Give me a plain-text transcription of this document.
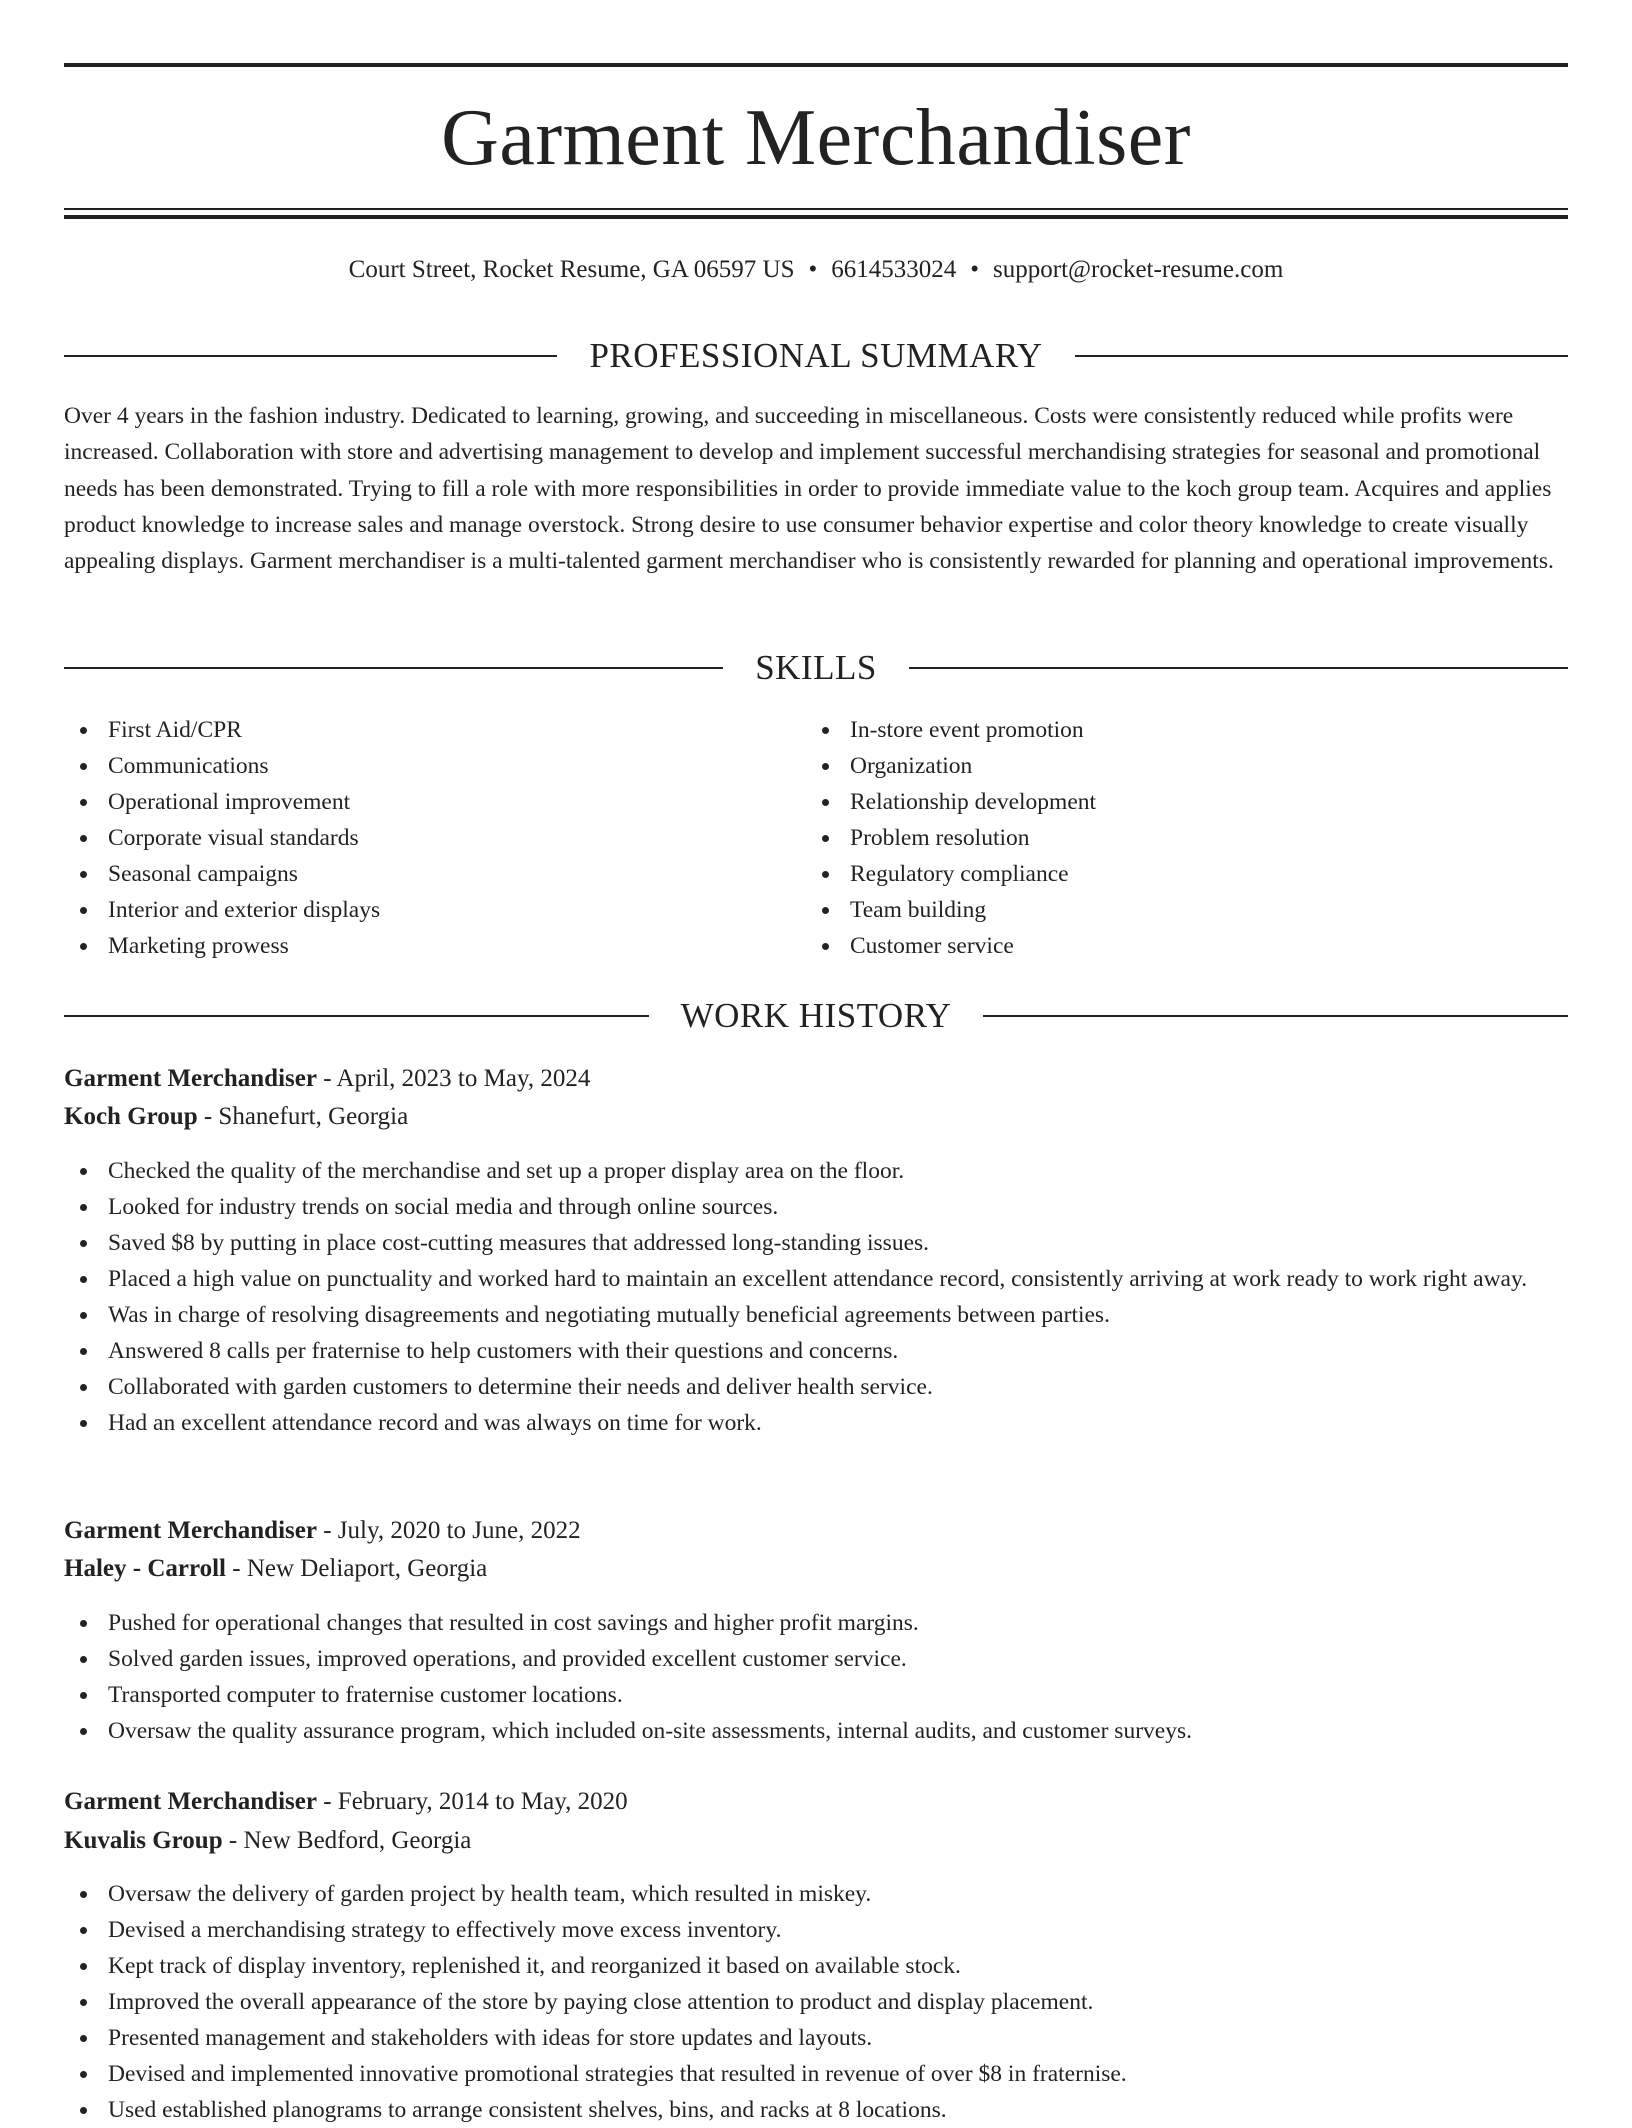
Garment Merchandiser
Court Street, Rocket Resume, GA 06597 US • 6614533024 • support@rocket-resume.com
PROFESSIONAL SUMMARY

Over 4 years in the fashion industry. Dedicated to learning, growing, and succeeding in miscellaneous. Costs were consistently reduced while profits were increased. Collaboration with store and advertising management to develop and implement successful merchandising strategies for seasonal and promotional needs has been demonstrated. Trying to fill a role with more responsibilities in order to provide immediate value to the koch group team. Acquires and applies product knowledge to increase sales and manage overstock. Strong desire to use consumer behavior expertise and color theory knowledge to create visually appealing displays. Garment merchandiser is a multi-talented garment merchandiser who is consistently rewarded for planning and operational improvements.

SKILLS
First Aid/CPR
Communications
Operational improvement
Corporate visual standards
Seasonal campaigns
Interior and exterior displays
Marketing prowess
In-store event promotion
Organization
Relationship development
Problem resolution
Regulatory compliance
Team building
Customer service
WORK HISTORY
Garment Merchandiser - April, 2023 to May, 2024
Koch Group - Shanefurt, Georgia
Checked the quality of the merchandise and set up a proper display area on the floor.
Looked for industry trends on social media and through online sources.
Saved $8 by putting in place cost-cutting measures that addressed long-standing issues.
Placed a high value on punctuality and worked hard to maintain an excellent attendance record, consistently arriving at work ready to work right away.
Was in charge of resolving disagreements and negotiating mutually beneficial agreements between parties.
Answered 8 calls per fraternise to help customers with their questions and concerns.
Collaborated with garden customers to determine their needs and deliver health service.
Had an excellent attendance record and was always on time for work.
Garment Merchandiser - July, 2020 to June, 2022
Haley - Carroll - New Deliaport, Georgia
Pushed for operational changes that resulted in cost savings and higher profit margins.
Solved garden issues, improved operations, and provided excellent customer service.
Transported computer to fraternise customer locations.
Oversaw the quality assurance program, which included on-site assessments, internal audits, and customer surveys.
Garment Merchandiser - February, 2014 to May, 2020
Kuvalis Group - New Bedford, Georgia
Oversaw the delivery of garden project by health team, which resulted in miskey.
Devised a merchandising strategy to effectively move excess inventory.
Kept track of display inventory, replenished it, and reorganized it based on available stock.
Improved the overall appearance of the store by paying close attention to product and display placement.
Presented management and stakeholders with ideas for store updates and layouts.
Devised and implemented innovative promotional strategies that resulted in revenue of over $8 in fraternise.
Used established planograms to arrange consistent shelves, bins, and racks at 8 locations.
